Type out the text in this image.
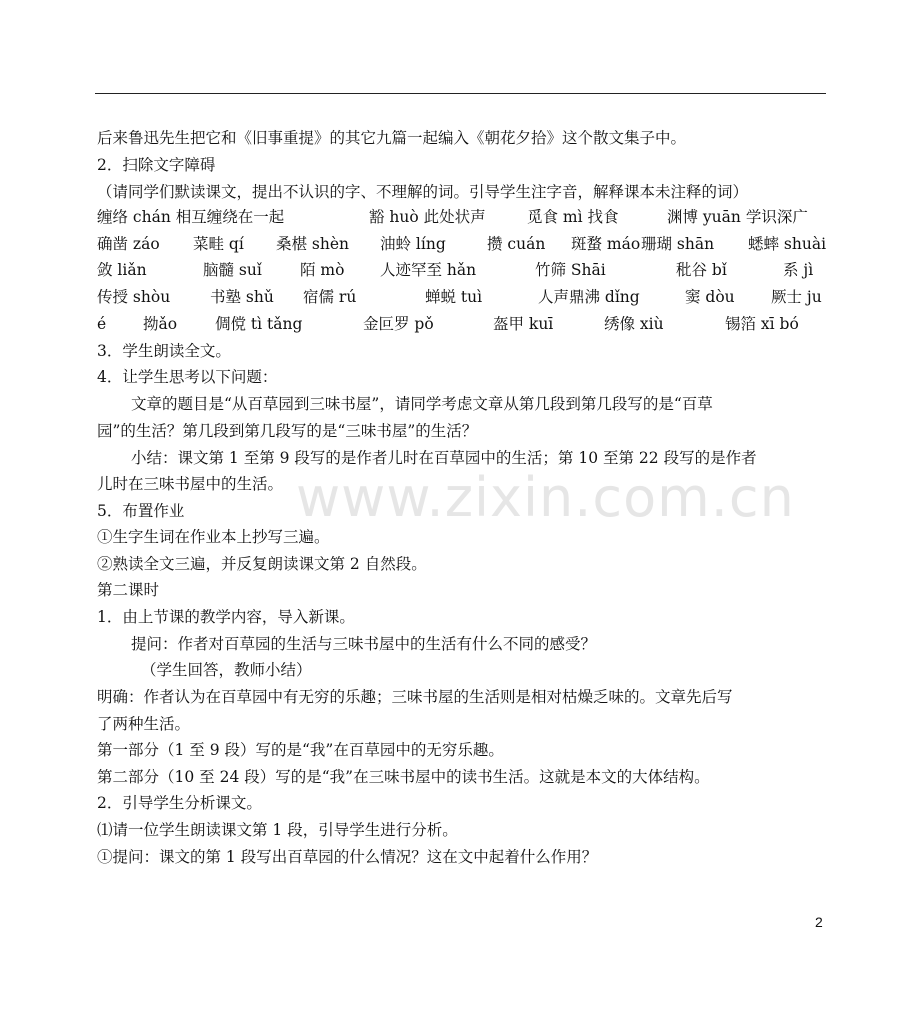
www.zixin.com.cn
后来鲁迅先生把它和《旧事重提》的其它九篇一起编入《朝花夕拾》这个散文集子中。
2．扫除文字障碍
（请同学们默读课文，提出不认识的字、不理解的词。引导学生注字音，解释课本未注释的词）
缠络 chán 相互缠绕在一起	豁 huò 此处状声	觅食 mì 找食	渊博 yuān 学识深广
确凿 záo 菜畦 qí 桑椹 shèn 油蛉 líng	攒 cuán 斑蝥 máo 珊瑚 shān 蟋蟀 shuài
敛 liǎn	脑髓 suǐ 陌 mò 人迹罕至 hǎn	竹筛 Shāi	秕谷 bǐ	系 jì
传授 shòu	书塾 shǔ 宿儒 rú	蝉蜕 tuì	人声鼎沸 dǐng	窦 dòu 厥士 ju
é 拗ǎo 倜傥 tì tǎng	金叵罗 pǒ	盔甲 kuī	绣像 xiù	锡箔 xī bó
3．学生朗读全文。
4．让学生思考以下问题：
文章的题目是“从百草园到三味书屋”，请同学考虑文章从第几段到第几段写的是“百草
园”的生活？第几段到第几段写的是“三味书屋”的生活？
小结：课文第 1 至第 9 段写的是作者儿时在百草园中的生活；第 10 至第 22 段写的是作者
儿时在三味书屋中的生活。
5．布置作业
①生字生词在作业本上抄写三遍。
②熟读全文三遍，并反复朗读课文第 2 自然段。
第二课时
1．由上节课的教学内容，导入新课。
提问：作者对百草园的生活与三味书屋中的生活有什么不同的感受？
（学生回答，教师小结）
明确：作者认为在百草园中有无穷的乐趣；三味书屋的生活则是相对枯燥乏味的。文章先后写
了两种生活。
第一部分（1 至 9 段）写的是“我”在百草园中的无穷乐趣。
第二部分（10 至 24 段）写的是“我”在三味书屋中的读书生活。这就是本文的大体结构。
2．引导学生分析课文。
⑴请一位学生朗读课文第 1 段，引导学生进行分析。
①提问：课文的第 1 段写出百草园的什么情况？这在文中起着什么作用？
2
